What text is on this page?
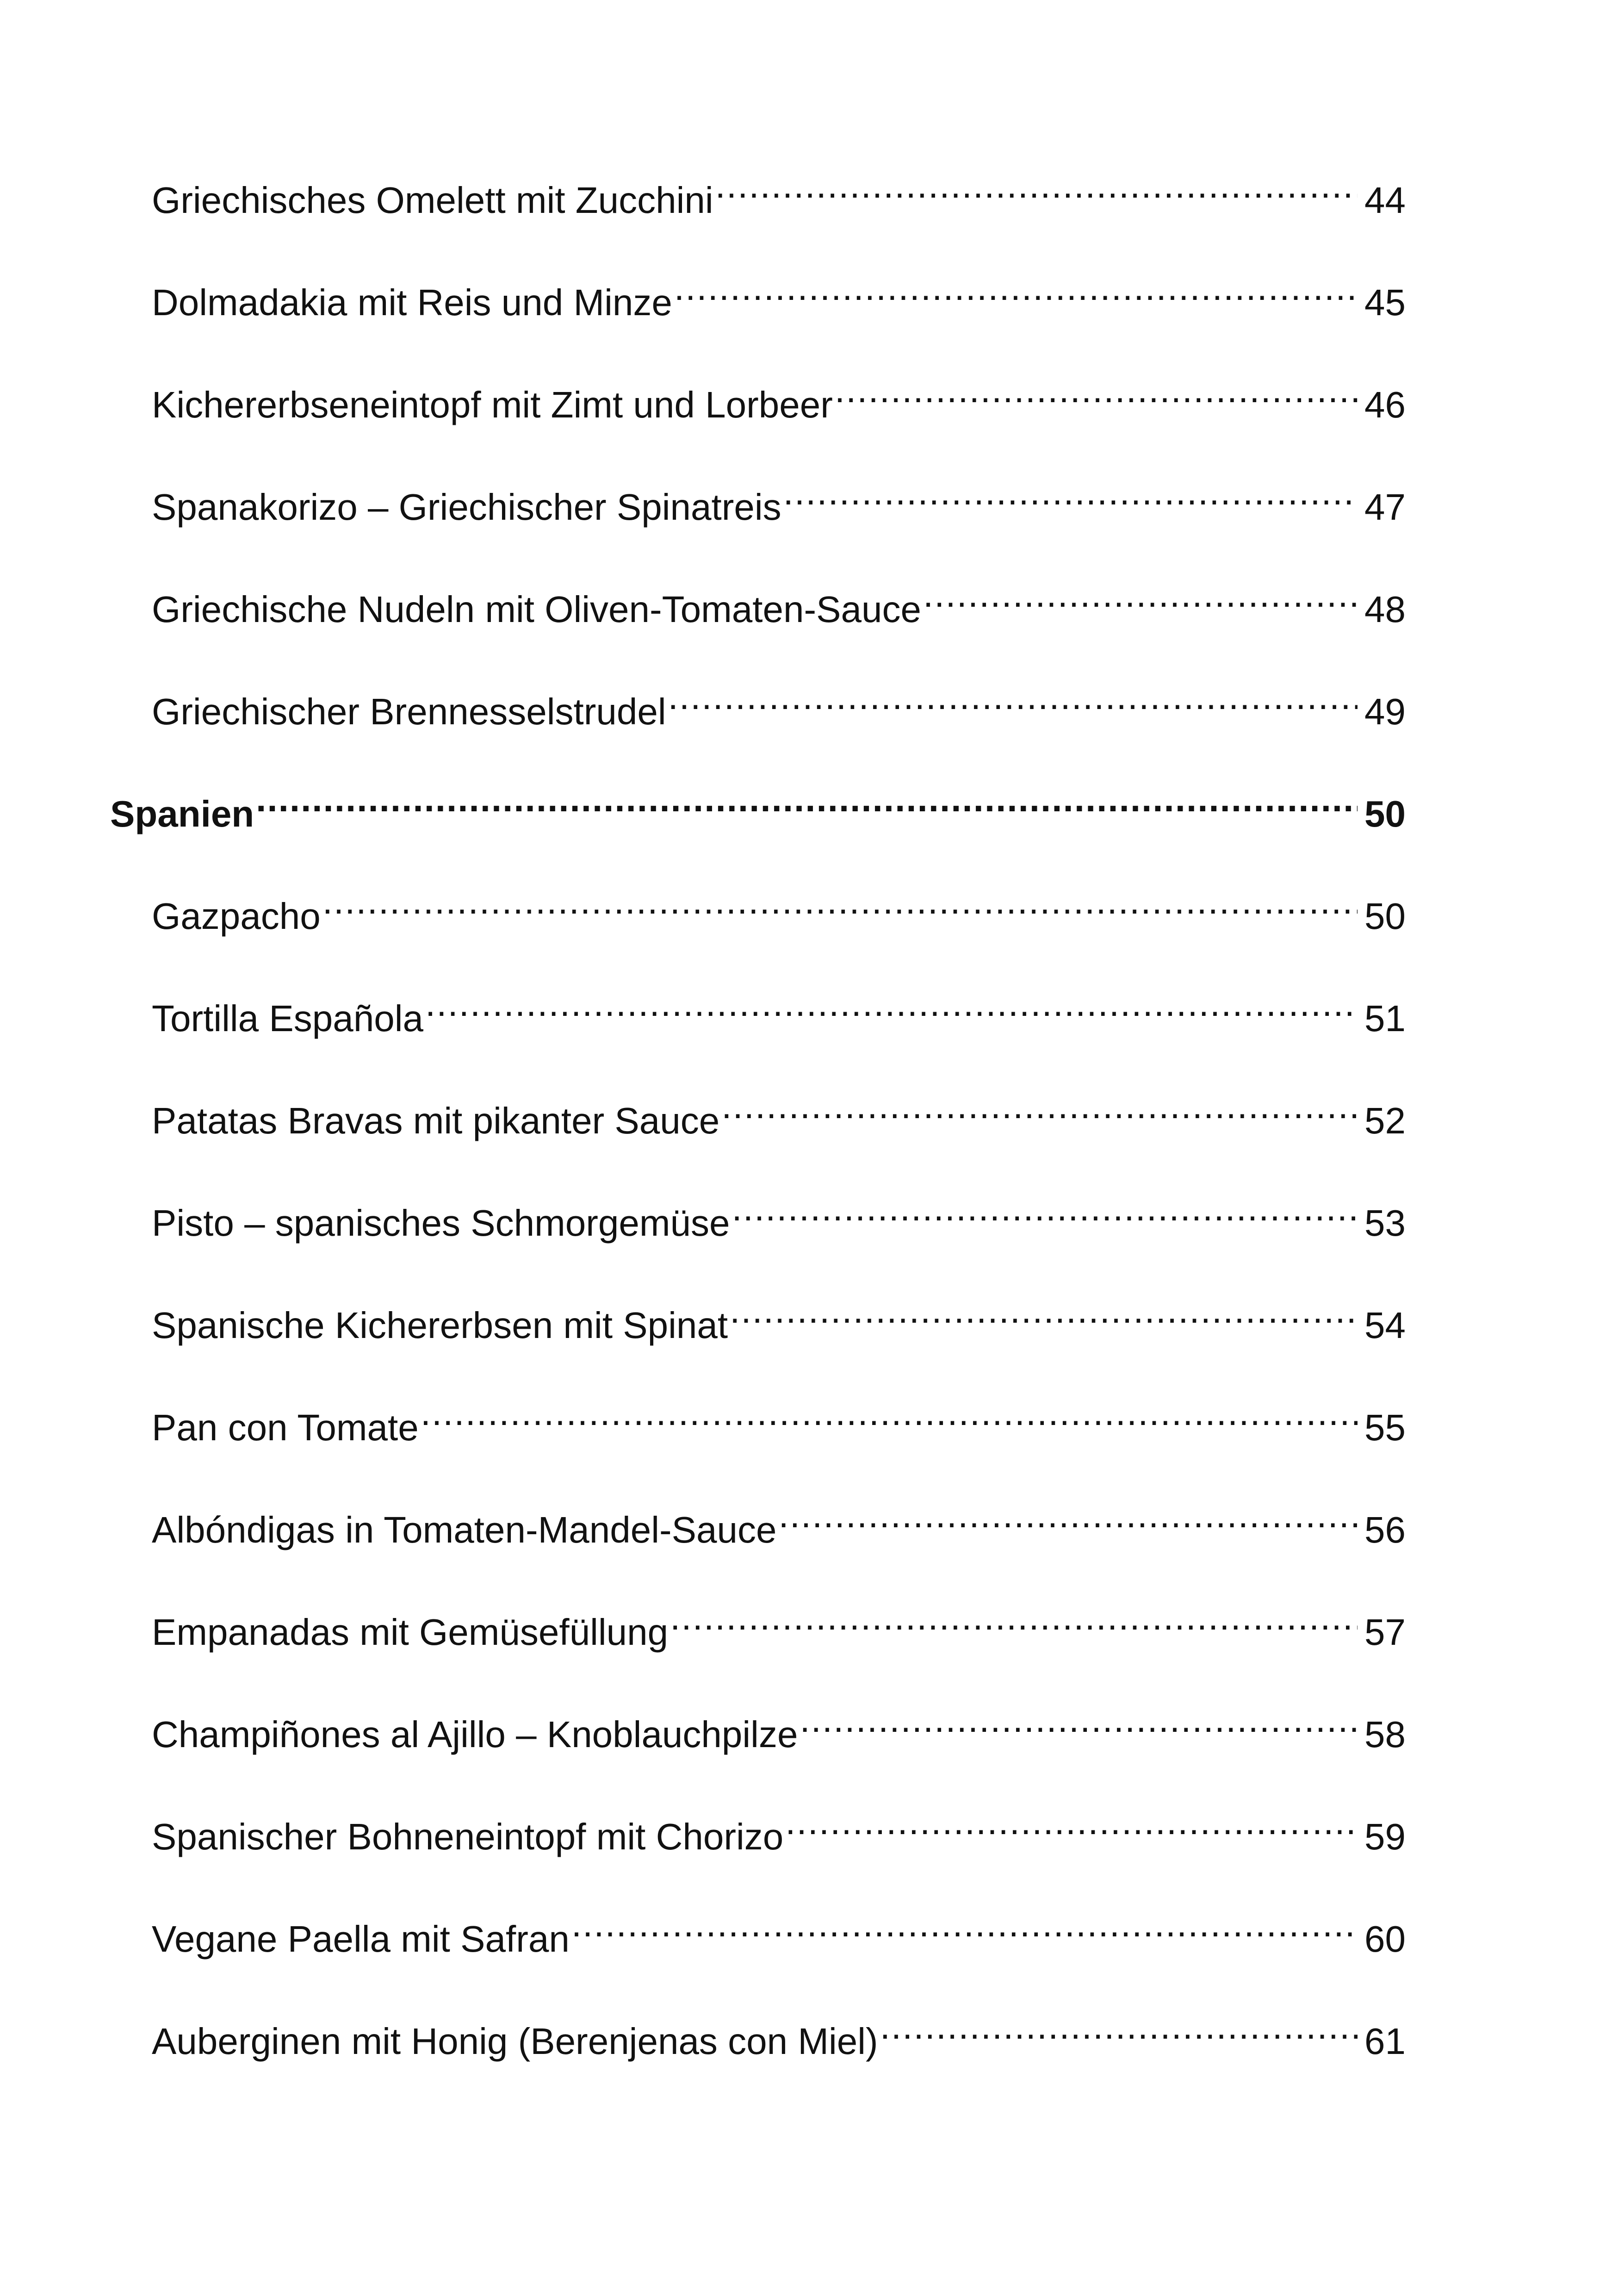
Griechisches Omelett mit Zucchini .....	44
Dolmadakia mit Reis und Minze .....	45
Kichererbseneintopf mit Zimt und Lorbeer .....	46
Spanakorizo – Griechischer Spinatreis .....	47
Griechische Nudeln mit Oliven-Tomaten-Sauce .....	48
Griechischer Brennesselstrudel .....	49
Spanien .....	50
Gazpacho .....	50
Tortilla Española .....	51
Patatas Bravas mit pikanter Sauce .....	52
Pisto – spanisches Schmorgemüse .....	53
Spanische Kichererbsen mit Spinat .....	54
Pan con Tomate .....	55
Albóndigas in Tomaten-Mandel-Sauce .....	56
Empanadas mit Gemüsefüllung .....	57
Champiñones al Ajillo – Knoblauchpilze .....	58
Spanischer Bohneneintopf mit Chorizo .....	59
Vegane Paella mit Safran .....	60
Auberginen mit Honig (Berenjenas con Miel) .....	61
